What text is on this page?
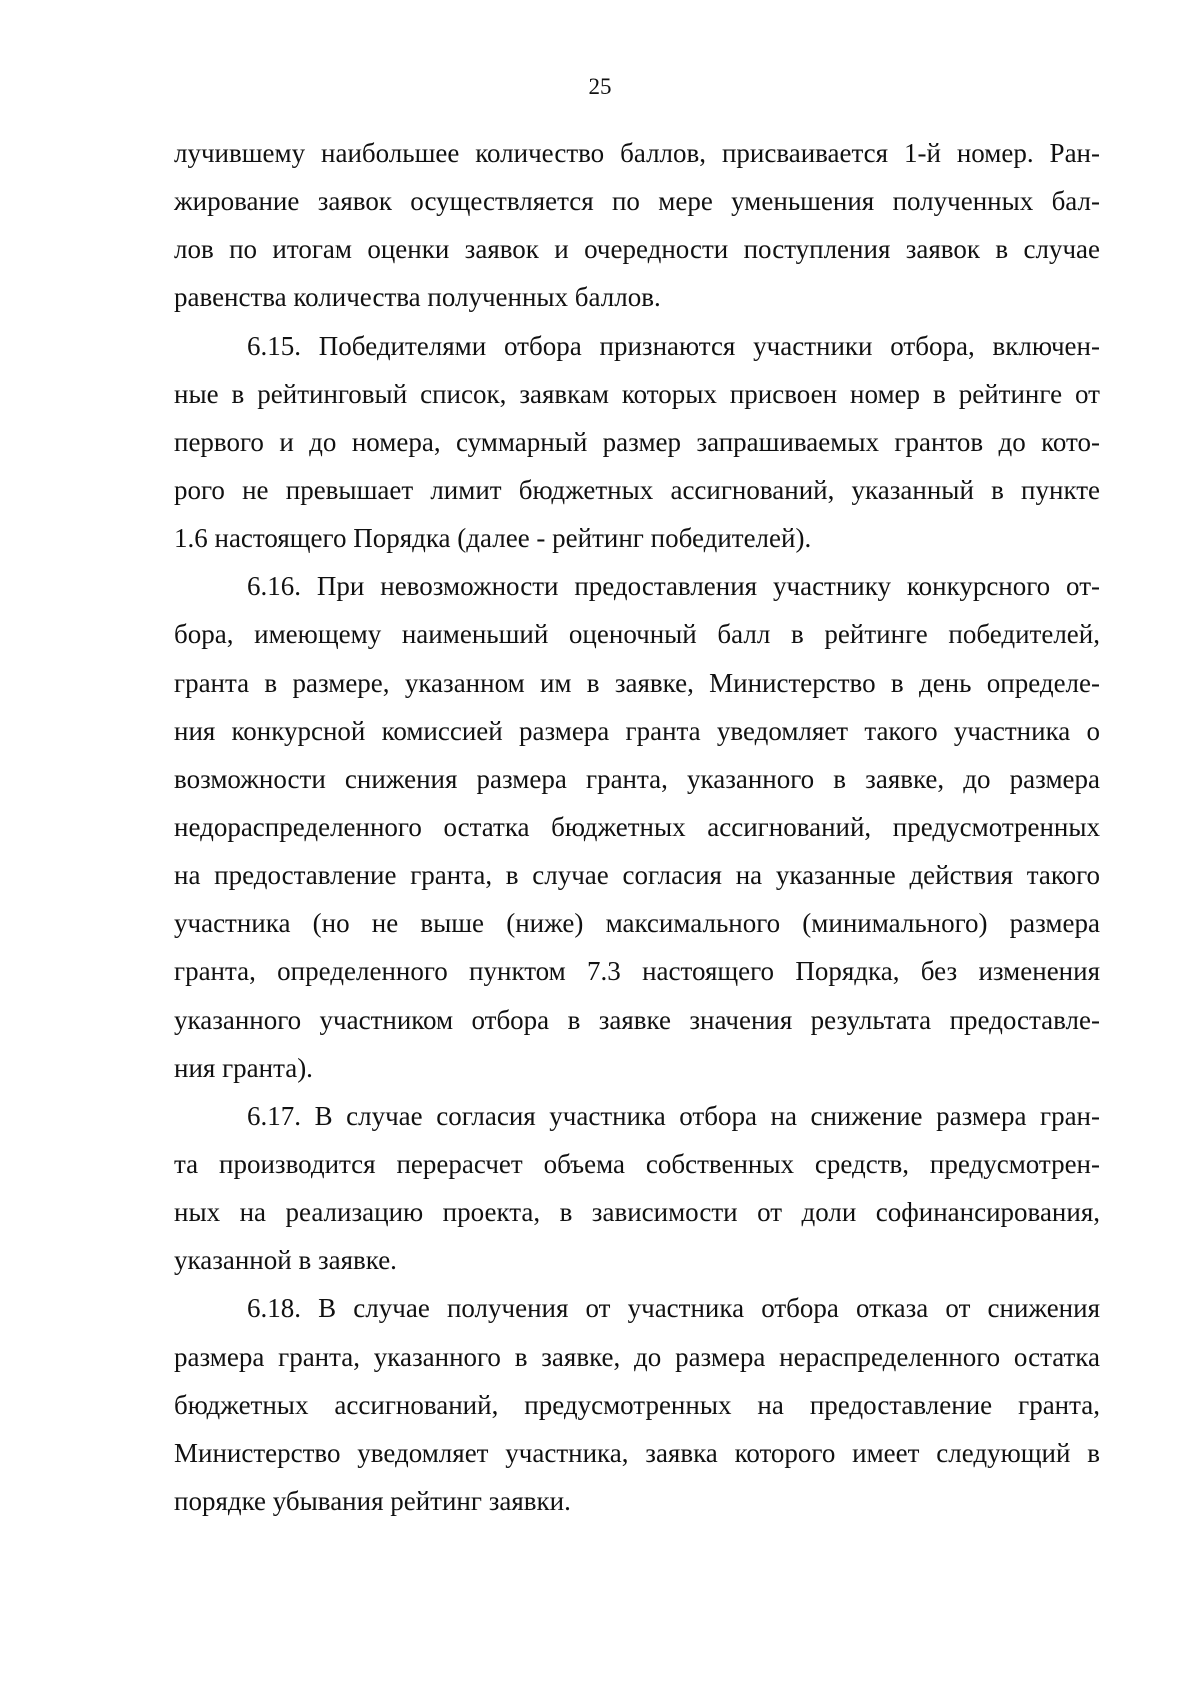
25
лучившему наибольшее количество баллов, присваивается 1-й номер. Ран-
жирование заявок осуществляется по мере уменьшения полученных бал-
лов по итогам оценки заявок и очередности поступления заявок в случае
равенства количества полученных баллов.
6.15. Победителями отбора признаются участники отбора, включен-
ные в рейтинговый список, заявкам которых присвоен номер в рейтинге от
первого и до номера, суммарный размер запрашиваемых грантов до кото-
рого не превышает лимит бюджетных ассигнований, указанный в пункте
1.6 настоящего Порядка (далее - рейтинг победителей).
6.16. При невозможности предоставления участнику конкурсного от-
бора, имеющему наименьший оценочный балл в рейтинге победителей,
гранта в размере, указанном им в заявке, Министерство в день определе-
ния конкурсной комиссией размера гранта уведомляет такого участника о
возможности снижения размера гранта, указанного в заявке, до размера
недораспределенного остатка бюджетных ассигнований, предусмотренных
на предоставление гранта, в случае согласия на указанные действия такого
участника (но не выше (ниже) максимального (минимального) размера
гранта, определенного пунктом 7.3 настоящего Порядка, без изменения
указанного участником отбора в заявке значения результата предоставле-
ния гранта).
6.17. В случае согласия участника отбора на снижение размера гран-
та производится перерасчет объема собственных средств, предусмотрен-
ных на реализацию проекта, в зависимости от доли софинансирования,
указанной в заявке.
6.18. В случае получения от участника отбора отказа от снижения
размера гранта, указанного в заявке, до размера нераспределенного остатка
бюджетных ассигнований, предусмотренных на предоставление гранта,
Министерство уведомляет участника, заявка которого имеет следующий в
порядке убывания рейтинг заявки.
